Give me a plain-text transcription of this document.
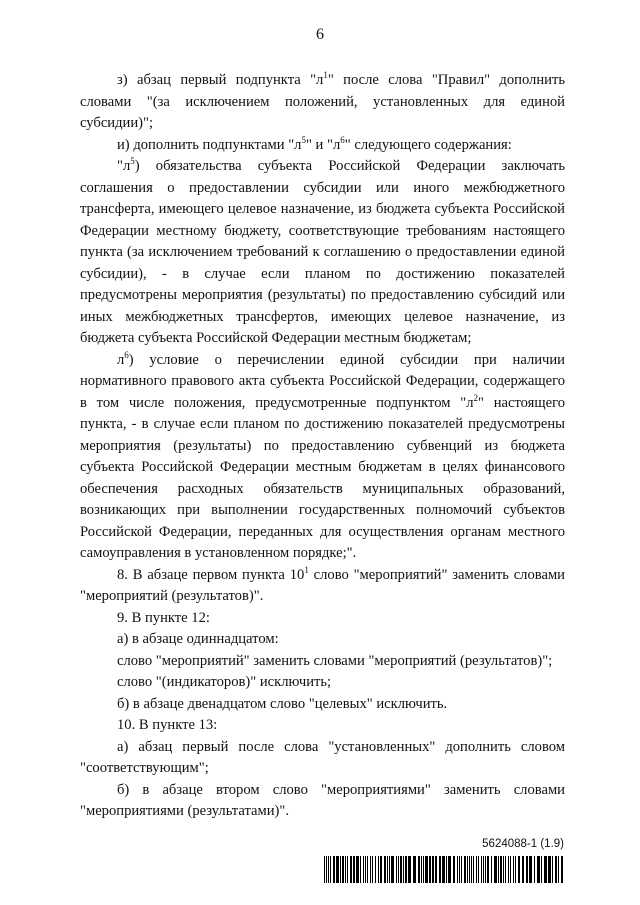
6
з) абзац первый подпункта "$л^1$" после слова "Правил" дополнить словами "(за исключением положений, установленных для единой субсидии)";
и) дополнить подпунктами "$л^5$" и "$л^6$" следующего содержания:
"$л^5$) обязательства субъекта Российской Федерации заключать соглашения о предоставлении субсидии или иного межбюджетного трансферта, имеющего целевое назначение, из бюджета субъекта Российской Федерации местному бюджету, соответствующие требованиям настоящего пункта (за исключением требований к соглашению о предоставлении единой субсидии), - в случае если планом по достижению показателей предусмотрены мероприятия (результаты) по предоставлению субсидий или иных межбюджетных трансфертов, имеющих целевое назначение, из бюджета субъекта Российской Федерации местным бюджетам;
$л^6$) условие о перечислении единой субсидии при наличии нормативного правового акта субъекта Российской Федерации, содержащего в том числе положения, предусмотренные подпунктом "$л^2$" настоящего пункта, - в случае если планом по достижению показателей предусмотрены мероприятия (результаты) по предоставлению субвенций из бюджета субъекта Российской Федерации местным бюджетам в целях финансового обеспечения расходных обязательств муниципальных образований, возникающих при выполнении государственных полномочий субъектов Российской Федерации, переданных для осуществления органам местного самоуправления в установленном порядке;".
8. В абзаце первом пункта $10^1$ слово "мероприятий" заменить словами "мероприятий (результатов)".
9. В пункте 12:
а) в абзаце одиннадцатом:
слово "мероприятий" заменить словами "мероприятий (результатов)";
слово "(индикаторов)" исключить;
б) в абзаце двенадцатом слово "целевых" исключить.
10. В пункте 13:
а) абзац первый после слова "установленных" дополнить словом "соответствующим";
б) в абзаце втором слово "мероприятиями" заменить словами "мероприятиями (результатами)".
5624088-1 (1.9)
